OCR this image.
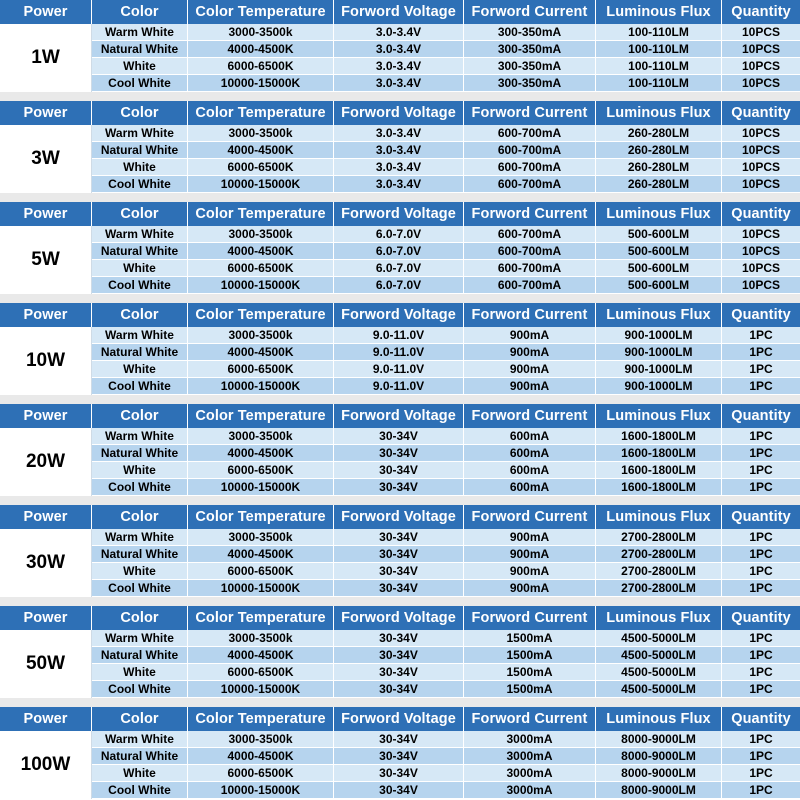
Power	Color	Color Temperature	Forword Voltage	Forword Current	Luminous Flux	Quantity
1W
Warm White	3000-3500k	3.0-3.4V	300-350mA	100-110LM	10PCS
Natural White	4000-4500K	3.0-3.4V	300-350mA	100-110LM	10PCS
White	6000-6500K	3.0-3.4V	300-350mA	100-110LM	10PCS
Cool White	10000-15000K	3.0-3.4V	300-350mA	100-110LM	10PCS
Power	Color	Color Temperature	Forword Voltage	Forword Current	Luminous Flux	Quantity
3W
Warm White	3000-3500k	3.0-3.4V	600-700mA	260-280LM	10PCS
Natural White	4000-4500K	3.0-3.4V	600-700mA	260-280LM	10PCS
White	6000-6500K	3.0-3.4V	600-700mA	260-280LM	10PCS
Cool White	10000-15000K	3.0-3.4V	600-700mA	260-280LM	10PCS
Power	Color	Color Temperature	Forword Voltage	Forword Current	Luminous Flux	Quantity
5W
Warm White	3000-3500k	6.0-7.0V	600-700mA	500-600LM	10PCS
Natural White	4000-4500K	6.0-7.0V	600-700mA	500-600LM	10PCS
White	6000-6500K	6.0-7.0V	600-700mA	500-600LM	10PCS
Cool White	10000-15000K	6.0-7.0V	600-700mA	500-600LM	10PCS
Power	Color	Color Temperature	Forword Voltage	Forword Current	Luminous Flux	Quantity
10W
Warm White	3000-3500k	9.0-11.0V	900mA	900-1000LM	1PC
Natural White	4000-4500K	9.0-11.0V	900mA	900-1000LM	1PC
White	6000-6500K	9.0-11.0V	900mA	900-1000LM	1PC
Cool White	10000-15000K	9.0-11.0V	900mA	900-1000LM	1PC
Power	Color	Color Temperature	Forword Voltage	Forword Current	Luminous Flux	Quantity
20W
Warm White	3000-3500k	30-34V	600mA	1600-1800LM	1PC
Natural White	4000-4500K	30-34V	600mA	1600-1800LM	1PC
White	6000-6500K	30-34V	600mA	1600-1800LM	1PC
Cool White	10000-15000K	30-34V	600mA	1600-1800LM	1PC
Power	Color	Color Temperature	Forword Voltage	Forword Current	Luminous Flux	Quantity
30W
Warm White	3000-3500k	30-34V	900mA	2700-2800LM	1PC
Natural White	4000-4500K	30-34V	900mA	2700-2800LM	1PC
White	6000-6500K	30-34V	900mA	2700-2800LM	1PC
Cool White	10000-15000K	30-34V	900mA	2700-2800LM	1PC
Power	Color	Color Temperature	Forword Voltage	Forword Current	Luminous Flux	Quantity
50W
Warm White	3000-3500k	30-34V	1500mA	4500-5000LM	1PC
Natural White	4000-4500K	30-34V	1500mA	4500-5000LM	1PC
White	6000-6500K	30-34V	1500mA	4500-5000LM	1PC
Cool White	10000-15000K	30-34V	1500mA	4500-5000LM	1PC
Power	Color	Color Temperature	Forword Voltage	Forword Current	Luminous Flux	Quantity
100W
Warm White	3000-3500k	30-34V	3000mA	8000-9000LM	1PC
Natural White	4000-4500K	30-34V	3000mA	8000-9000LM	1PC
White	6000-6500K	30-34V	3000mA	8000-9000LM	1PC
Cool White	10000-15000K	30-34V	3000mA	8000-9000LM	1PC
